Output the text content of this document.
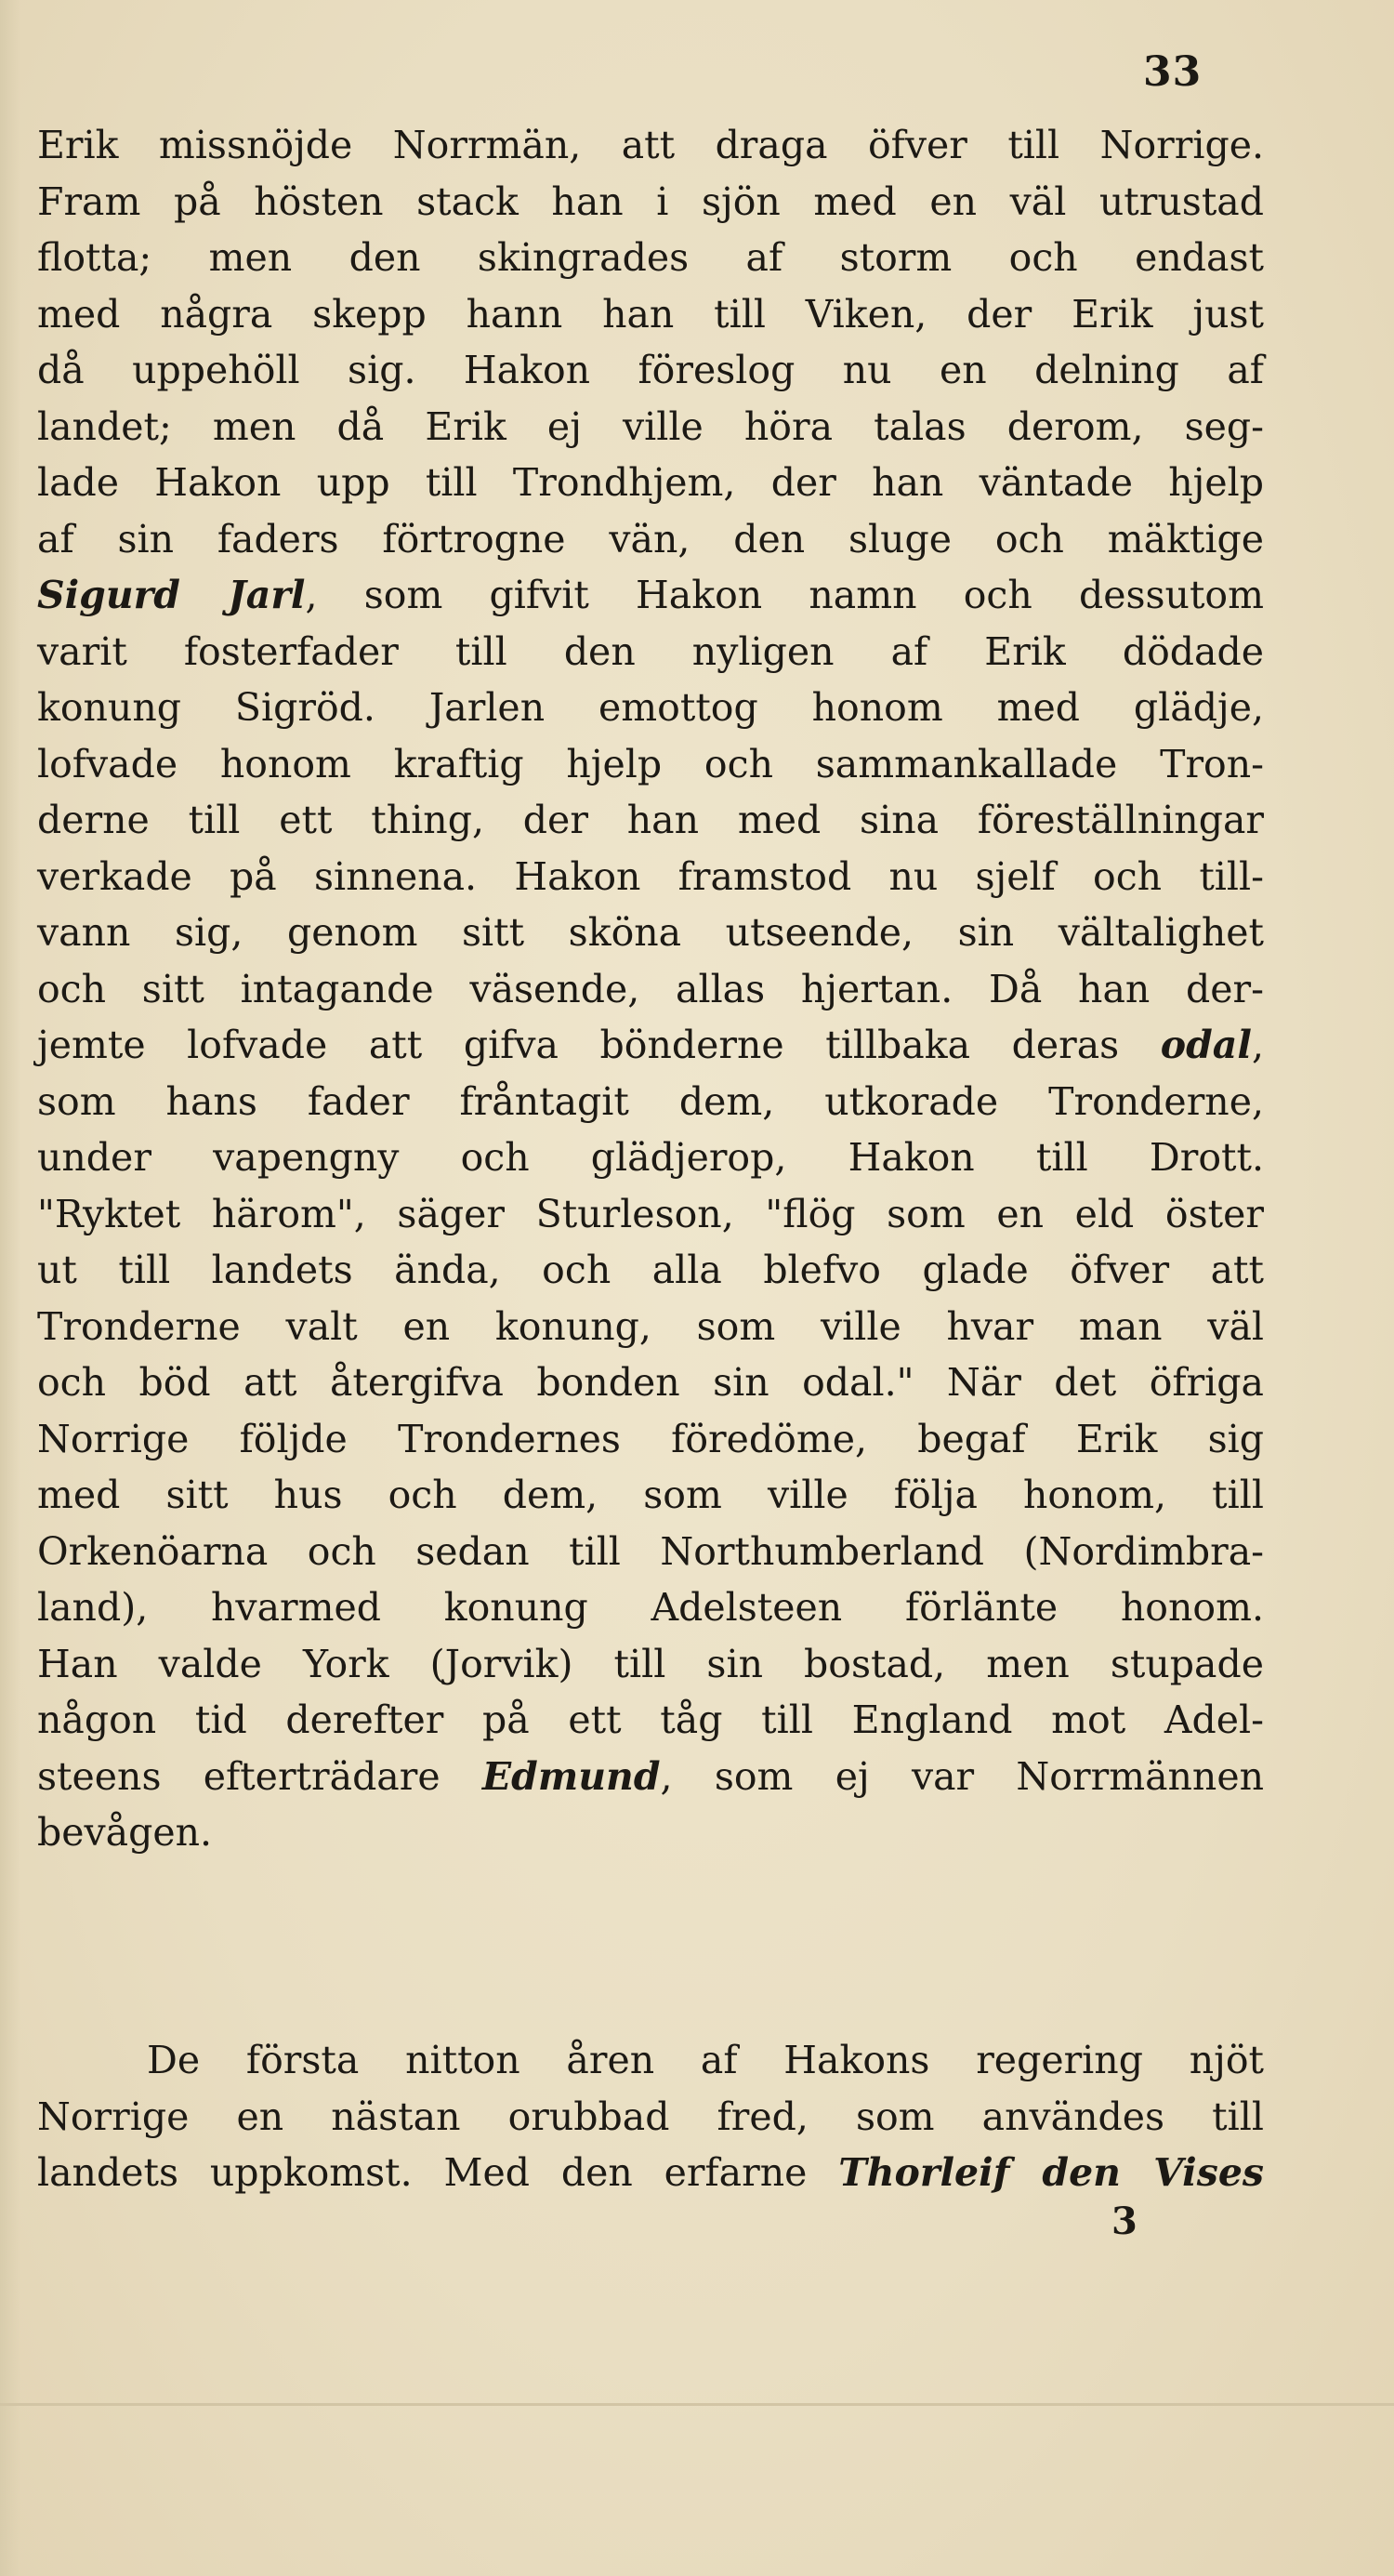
33
Erik missnöjde Norrmän, att draga öfver till Norrige.
Fram på hösten stack han i sjön med en väl utrustad
flotta; men den skingrades af storm och endast
med några skepp hann han till Viken, der Erik just
då uppehöll sig. Hakon föreslog nu en delning af
landet; men då Erik ej ville höra talas derom, seg-
lade Hakon upp till Trondhjem, der han väntade hjelp
af sin faders förtrogne vän, den sluge och mäktige
Sigurd Jarl, som gifvit Hakon namn och dessutom
varit fosterfader till den nyligen af Erik dödade
konung Sigröd. Jarlen emottog honom med glädje,
lofvade honom kraftig hjelp och sammankallade Tron-
derne till ett thing, der han med sina föreställningar
verkade på sinnena. Hakon framstod nu sjelf och till-
vann sig, genom sitt sköna utseende, sin vältalighet
och sitt intagande väsende, allas hjertan. Då han der-
jemte lofvade att gifva bönderne tillbaka deras odal,
som hans fader fråntagit dem, utkorade Tronderne,
under vapengny och glädjerop, Hakon till Drott.
"Ryktet härom", säger Sturleson, "flög som en eld öster
ut till landets ända, och alla blefvo glade öfver att
Tronderne valt en konung, som ville hvar man väl
och böd att återgifva bonden sin odal." När det öfriga
Norrige följde Trondernes föredöme, begaf Erik sig
med sitt hus och dem, som ville följa honom, till
Orkenöarna och sedan till Northumberland (Nordimbra-
land), hvarmed konung Adelsteen förlänte honom.
Han valde York (Jorvik) till sin bostad, men stupade
någon tid derefter på ett tåg till England mot Adel-
steens efterträdare Edmund, som ej var Norrmännen
bevågen.
De första nitton åren af Hakons regering njöt
Norrige en nästan orubbad fred, som användes till
landets uppkomst. Med den erfarne Thorleif den Vises
3
